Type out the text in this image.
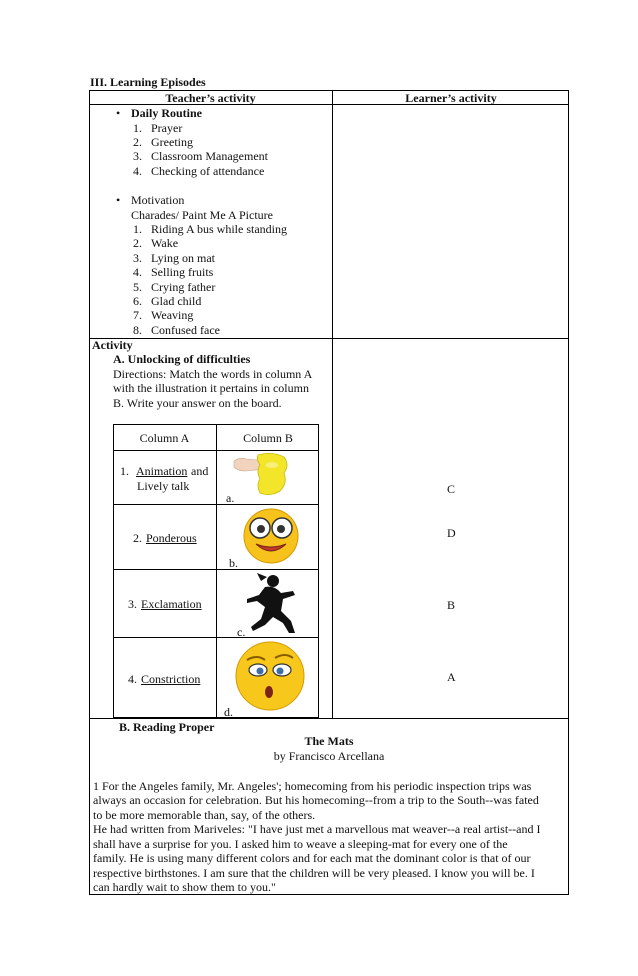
III. Learning Episodes
Teacher’s activity	Learner’s activity
• Daily Routine
1. Prayer
2. Greeting
3. Classroom Management
4. Checking of attendance
• Motivation
Charades/ Paint Me A Picture
1. Riding A bus while standing
2. Wake
3. Lying on mat
4. Selling fruits
5. Crying father
6. Glad child
7. Weaving
8. Confused face
Activity
A. Unlocking of difficulties
Directions: Match the words in column A
with the illustration it pertains in column
B. Write your answer on the board.
Column A	Column B
1. Animation and
Lively talk
a.
2. Ponderous
b.
3. Exclamation
c.
4. Constriction
d.
C
D
B
A
B. Reading Proper
The Mats
by Francisco Arcellana
1 For the Angeles family, Mr. Angeles'; homecoming from his periodic inspection trips was
always an occasion for celebration. But his homecoming--from a trip to the South--was fated
to be more memorable than, say, of the others.
He had written from Mariveles: "I have just met a marvellous mat weaver--a real artist--and I
shall have a surprise for you. I asked him to weave a sleeping-mat for every one of the
family. He is using many different colors and for each mat the dominant color is that of our
respective birthstones. I am sure that the children will be very pleased. I know you will be. I
can hardly wait to show them to you."
